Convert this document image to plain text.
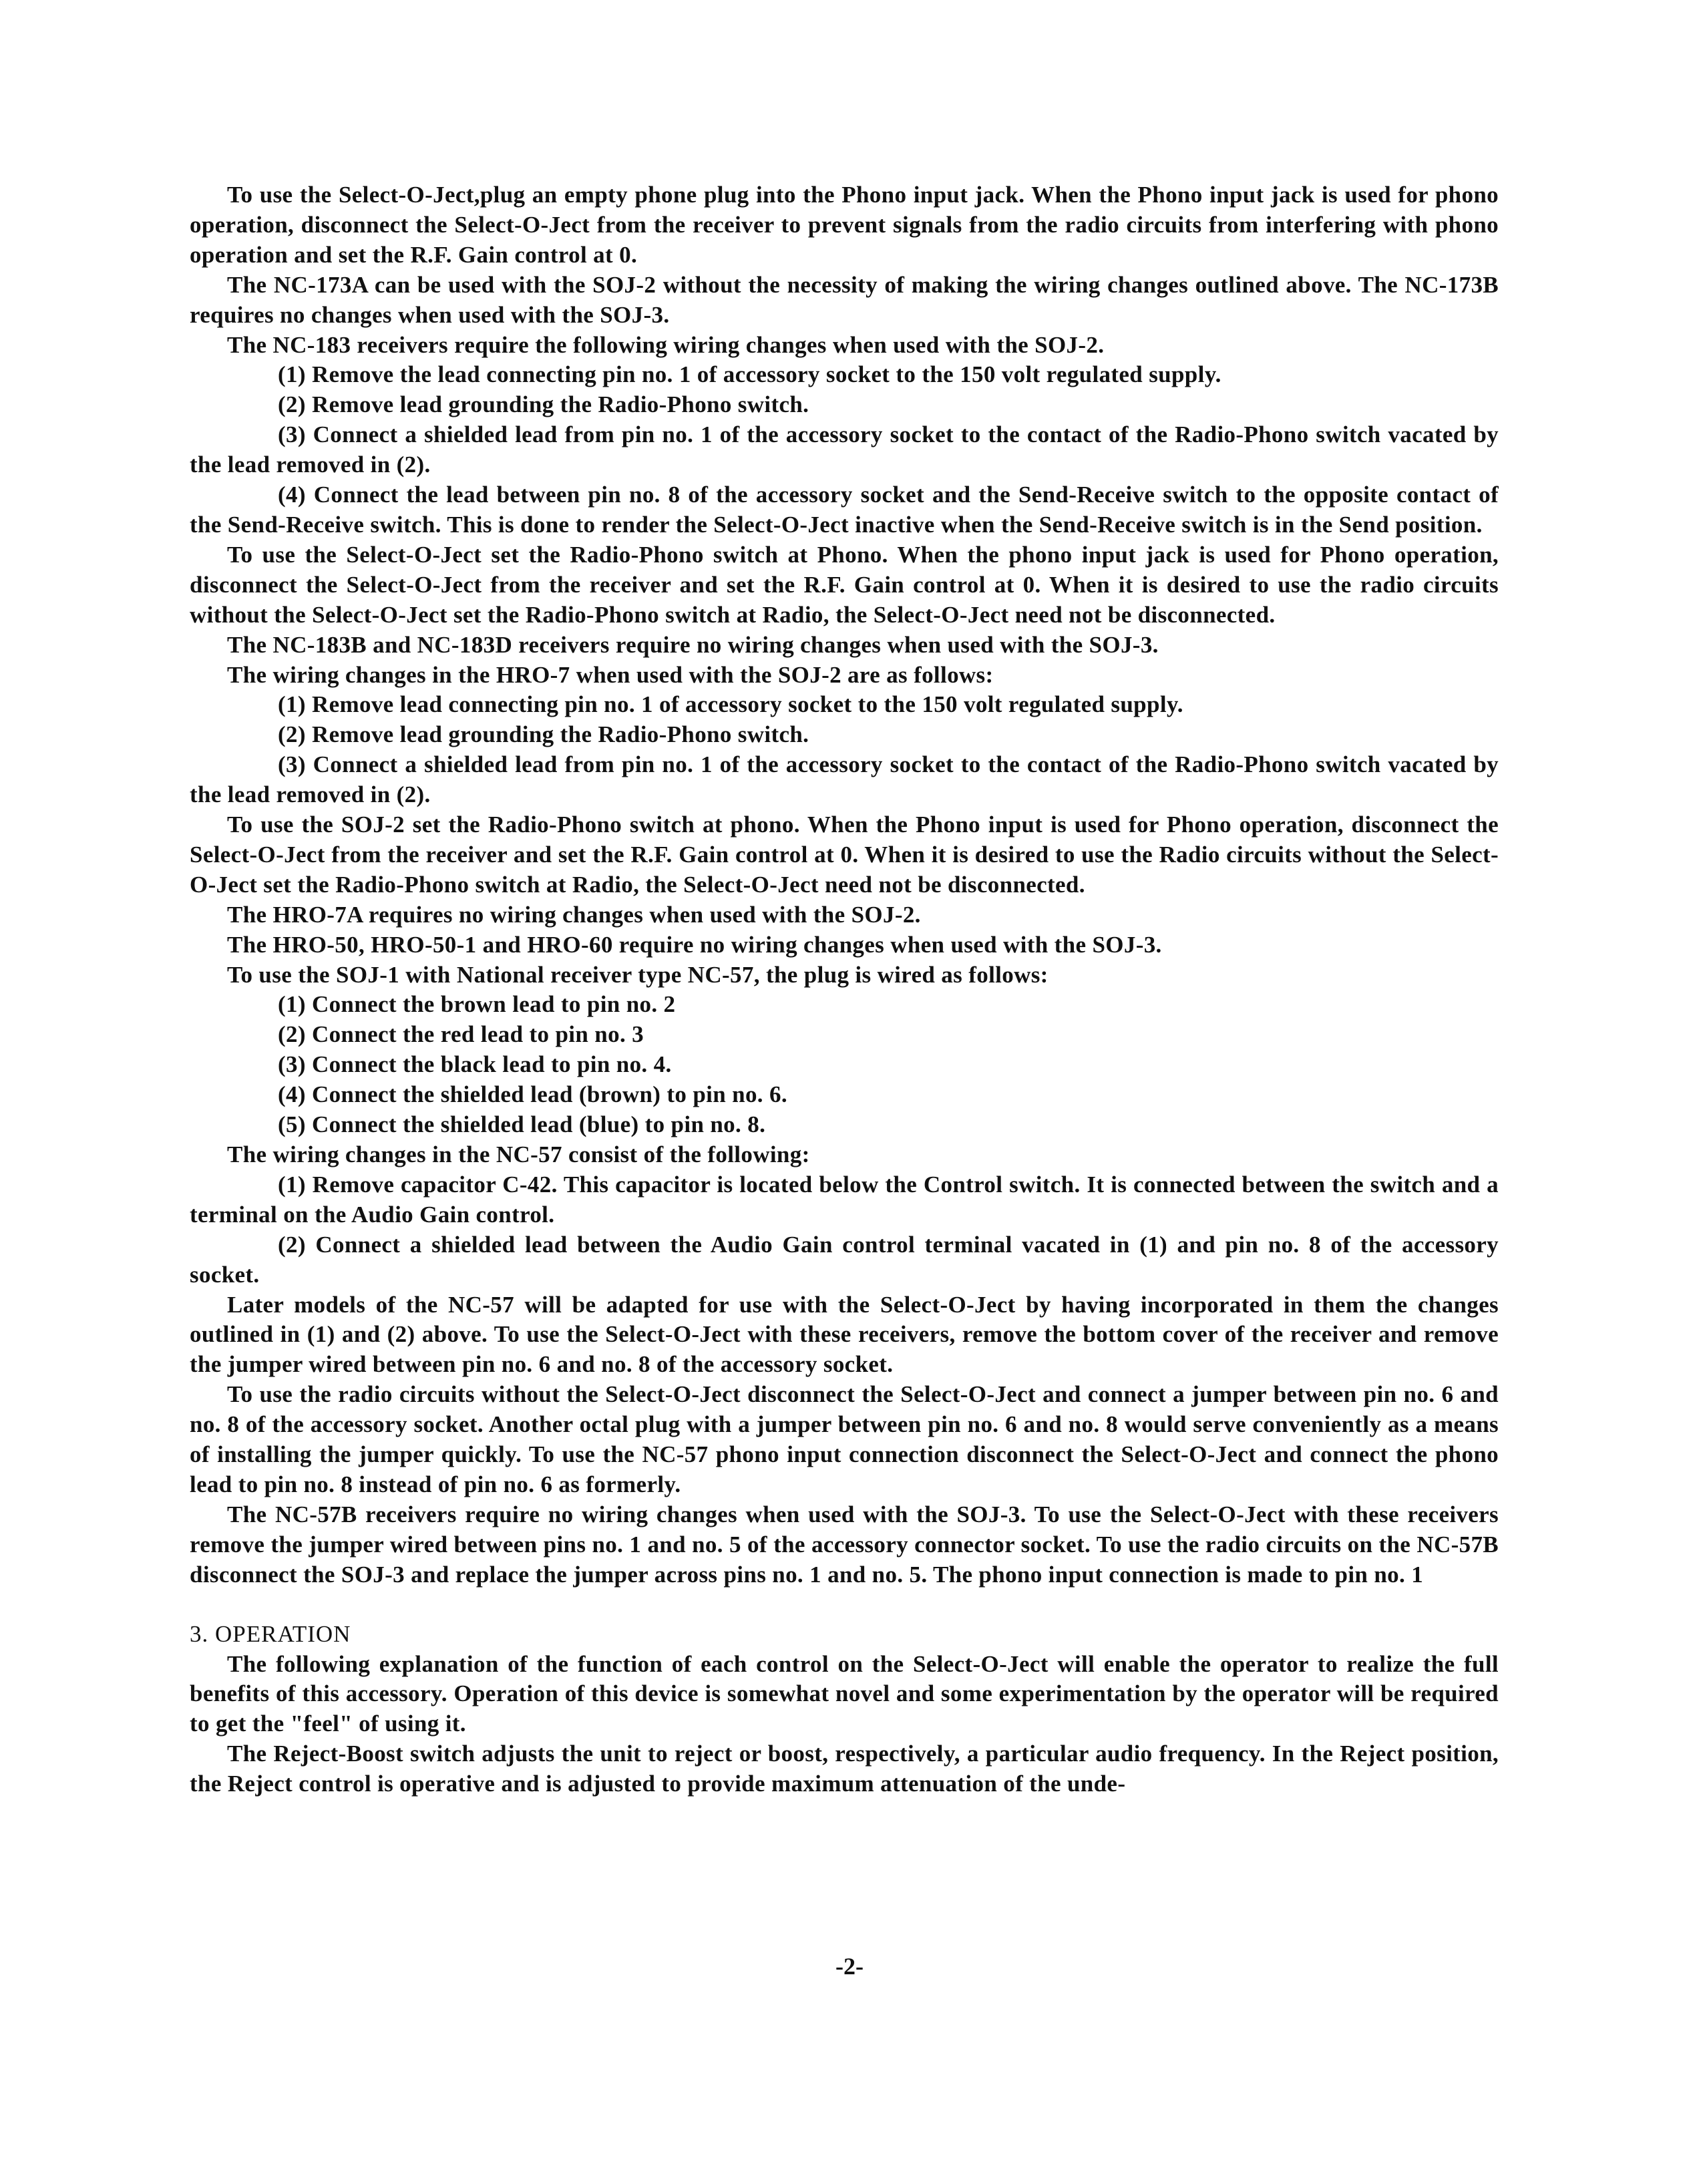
To use the Select-O-Ject,plug an empty phone plug into the Phono input jack. When the Phono input jack is used for phono operation, disconnect the Select-O-Ject from the receiver to prevent signals from the radio circuits from interfering with phono operation and set the R.F. Gain control at 0.

The NC-173A can be used with the SOJ-2 without the necessity of making the wiring changes outlined above. The NC-173B requires no changes when used with the SOJ-3.

The NC-183 receivers require the following wiring changes when used with the SOJ-2.

(1) Remove the lead connecting pin no. 1 of accessory socket to the 150 volt regulated supply.

(2) Remove lead grounding the Radio-Phono switch.

(3) Connect a shielded lead from pin no. 1 of the accessory socket to the contact of the Radio-Phono switch vacated by the lead removed in (2).

(4) Connect the lead between pin no. 8 of the accessory socket and the Send-Receive switch to the opposite contact of the Send-Receive switch. This is done to render the Select-O-Ject inactive when the Send-Receive switch is in the Send position.

To use the Select-O-Ject set the Radio-Phono switch at Phono. When the phono input jack is used for Phono operation, disconnect the Select-O-Ject from the receiver and set the R.F. Gain control at 0. When it is desired to use the radio circuits without the Select-O-Ject set the Radio-Phono switch at Radio, the Select-O-Ject need not be disconnected.

The NC-183B and NC-183D receivers require no wiring changes when used with the SOJ-3.

The wiring changes in the HRO-7 when used with the SOJ-2 are as follows:

(1) Remove lead connecting pin no. 1 of accessory socket to the 150 volt regulated supply.

(2) Remove lead grounding the Radio-Phono switch.

(3) Connect a shielded lead from pin no. 1 of the accessory socket to the contact of the Radio-Phono switch vacated by the lead removed in (2).

To use the SOJ-2 set the Radio-Phono switch at phono. When the Phono input is used for Phono operation, disconnect the Select-O-Ject from the receiver and set the R.F. Gain control at 0. When it is desired to use the Radio circuits without the Select-O-Ject set the Radio-Phono switch at Radio, the Select-O-Ject need not be disconnected.

The HRO-7A requires no wiring changes when used with the SOJ-2.

The HRO-50, HRO-50-1 and HRO-60 require no wiring changes when used with the SOJ-3.

To use the SOJ-1 with National receiver type NC-57, the plug is wired as follows:

(1) Connect the brown lead to pin no. 2

(2) Connect the red lead to pin no. 3

(3) Connect the black lead to pin no. 4.

(4) Connect the shielded lead (brown) to pin no. 6.

(5) Connect the shielded lead (blue) to pin no. 8.

The wiring changes in the NC-57 consist of the following:

(1) Remove capacitor C-42. This capacitor is located below the Control switch. It is connected between the switch and a terminal on the Audio Gain control.

(2) Connect a shielded lead between the Audio Gain control terminal vacated in (1) and pin no. 8 of the accessory socket.

Later models of the NC-57 will be adapted for use with the Select-O-Ject by having incorporated in them the changes outlined in (1) and (2) above. To use the Select-O-Ject with these receivers, remove the bottom cover of the receiver and remove the jumper wired between pin no. 6 and no. 8 of the accessory socket.

To use the radio circuits without the Select-O-Ject disconnect the Select-O-Ject and connect a jumper between pin no. 6 and no. 8 of the accessory socket. Another octal plug with a jumper between pin no. 6 and no. 8 would serve conveniently as a means of installing the jumper quickly. To use the NC-57 phono input connection disconnect the Select-O-Ject and connect the phono lead to pin no. 8 instead of pin no. 6 as formerly.

The NC-57B receivers require no wiring changes when used with the SOJ-3. To use the Select-O-Ject with these receivers remove the jumper wired between pins no. 1 and no. 5 of the accessory connector socket. To use the radio circuits on the NC-57B disconnect the SOJ-3 and replace the jumper across pins no. 1 and no. 5. The phono input connection is made to pin no. 1

3. OPERATION

The following explanation of the function of each control on the Select-O-Ject will enable the operator to realize the full benefits of this accessory. Operation of this device is somewhat novel and some experimentation by the operator will be required to get the "feel" of using it.

The Reject-Boost switch adjusts the unit to reject or boost, respectively, a particular audio frequency. In the Reject position, the Reject control is operative and is adjusted to provide maximum attenuation of the unde-

-2-
